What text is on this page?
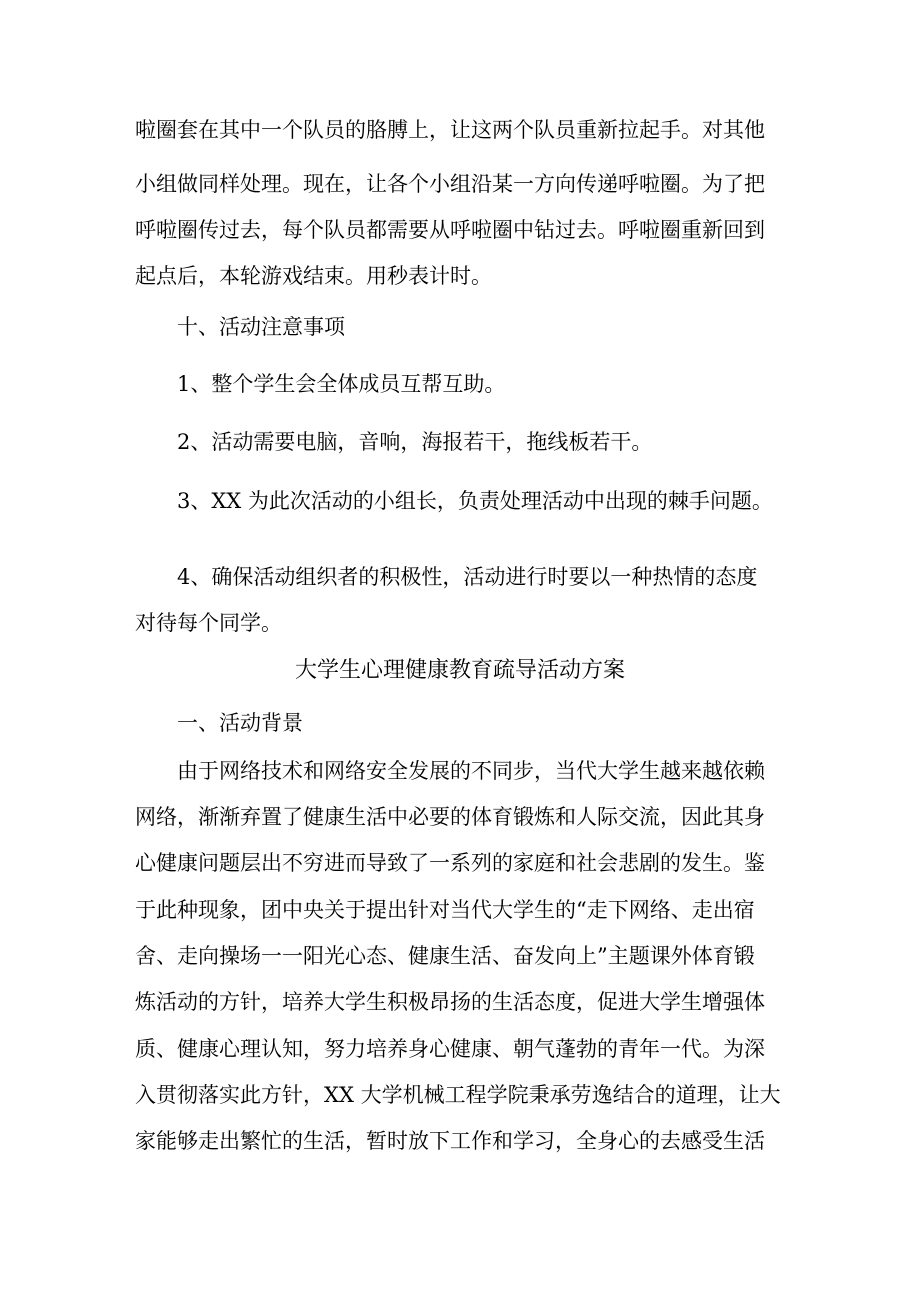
啦圈套在其中一个队员的胳膊上，让这两个队员重新拉起手。对其他
小组做同样处理。现在，让各个小组沿某一方向传递呼啦圈。为了把
呼啦圈传过去，每个队员都需要从呼啦圈中钻过去。呼啦圈重新回到
起点后，本轮游戏结束。用秒表计时。
十、活动注意事项
1、整个学生会全体成员互帮互助。
2、活动需要电脑，音响，海报若干，拖线板若干。
3、XX 为此次活动的小组长，负责处理活动中出现的棘手问题。
4、确保活动组织者的积极性，活动进行时要以一种热情的态度
对待每个同学。
大学生心理健康教育疏导活动方案
一、活动背景
由于网络技术和网络安全发展的不同步，当代大学生越来越依赖
网络，渐渐弃置了健康生活中必要的体育锻炼和人际交流，因此其身
心健康问题层出不穷进而导致了一系列的家庭和社会悲剧的发生。鉴
于此种现象，团中央关于提出针对当代大学生的“走下网络、走出宿
舍、走向操场一一阳光心态、健康生活、奋发向上”主题课外体育锻
炼活动的方针，培养大学生积极昂扬的生活态度，促进大学生增强体
质、健康心理认知，努力培养身心健康、朝气蓬勃的青年一代。为深
入贯彻落实此方针，XX 大学机械工程学院秉承劳逸结合的道理，让大
家能够走出繁忙的生活，暂时放下工作和学习，全身心的去感受生活
